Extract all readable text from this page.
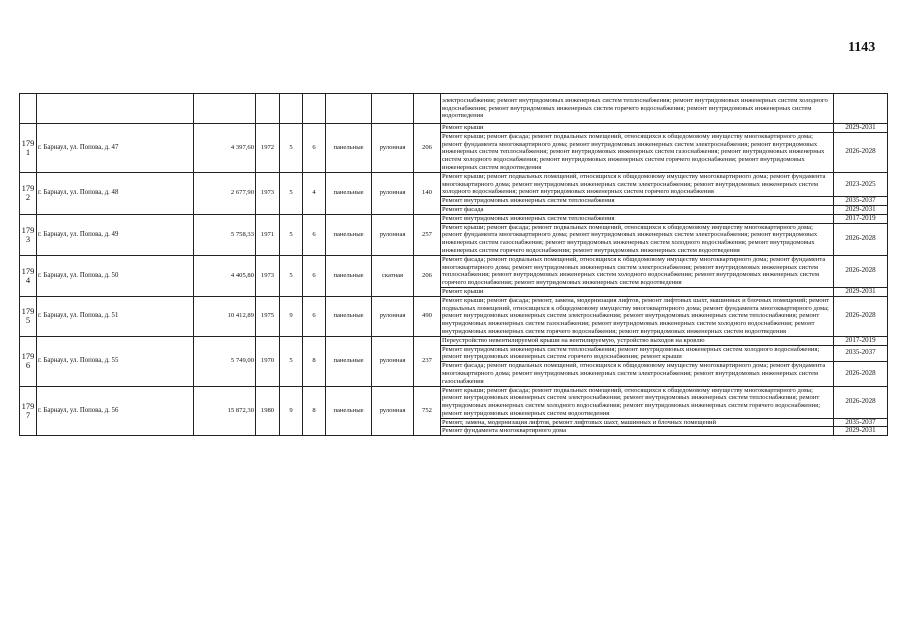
1143
									электроснабжения; ремонт внутридомовых инженерных систем теплоснабжения; ремонт внутридомовых инженерных систем холодного водоснабжения; ремонт внутридомовых инженерных систем горячего водоснабжения; ремонт внутридомовых инженерных систем водоотведения	
179 1	г. Барнаул, ул. Попова, д. 47	4 397,60	1972	5	6	панельные	рулонная	206	Ремонт крыши	2029-2031
									Ремонт крыши; ремонт фасада; ремонт подвальных помещений, относящихся к общедомовому имуществу многоквартирного дома; ремонт фундамента многоквартирного дома; ремонт внутридомовых инженерных систем электроснабжения; ремонт внутридомовых инженерных систем теплоснабжения; ремонт внутридомовых инженерных систем газоснабжения; ремонт внутридомовых инженерных систем холодного водоснабжения; ремонт внутридомовых инженерных систем горячего водоснабжения; ремонт внутридомовых инженерных систем водоотведения	2026-2028
179 2	г. Барнаул, ул. Попова, д. 48	2 677,90	1973	5	4	панельные	рулонная	140	Ремонт крыши; ремонт подвальных помещений, относящихся к общедомовому имуществу многоквартирного дома; ремонт фундамента многоквартирного дома; ремонт внутридомовых инженерных систем электроснабжения; ремонт внутридомовых инженерных систем холодного водоснабжения; ремонт внутридомовых инженерных систем горячего водоснабжения	2023-2025
									Ремонт внутридомовых инженерных систем теплоснабжения	2035-2037
									Ремонт фасада	2029-2031
179 3	г. Барнаул, ул. Попова, д. 49	5 758,33	1971	5	6	панельные	рулонная	257	Ремонт внутридомовых инженерных систем теплоснабжения	2017-2019
									Ремонт крыши; ремонт фасада; ремонт подвальных помещений, относящихся к общедомовому имуществу многоквартирного дома; ремонт фундамента многоквартирного дома; ремонт внутридомовых инженерных систем электроснабжения; ремонт внутридомовых инженерных систем газоснабжения; ремонт внутридомовых инженерных систем холодного водоснабжения; ремонт внутридомовых инженерных систем горячего водоснабжения; ремонт внутридомовых инженерных систем водоотведения	2026-2028
179 4	г. Барнаул, ул. Попова, д. 50	4 405,80	1973	5	6	панельные	скатная	206	Ремонт фасада; ремонт подвальных помещений, относящихся к общедомовому имуществу многоквартирного дома; ремонт фундамента многоквартирного дома; ремонт внутридомовых инженерных систем электроснабжения; ремонт внутридомовых инженерных систем теплоснабжения; ремонт внутридомовых инженерных систем холодного водоснабжения; ремонт внутридомовых инженерных систем горячего водоснабжения; ремонт внутридомовых инженерных систем водоотведения	2026-2028
									Ремонт крыши	2029-2031
179 5	г. Барнаул, ул. Попова, д. 51	10 412,89	1975	9	6	панельные	рулонная	490	Ремонт крыши; ремонт фасада; ремонт, замена, модернизация лифтов, ремонт лифтовых шахт, машинных и блочных помещений; ремонт подвальных помещений, относящихся к общедомовому имуществу многоквартирного дома; ремонт фундамента многоквартирного дома; ремонт внутридомовых инженерных систем электроснабжения; ремонт внутридомовых инженерных систем теплоснабжения; ремонт внутридомовых инженерных систем газоснабжения; ремонт внутридомовых инженерных систем холодного водоснабжения; ремонт внутридомовых инженерных систем горячего водоснабжения; ремонт внутридомовых инженерных систем водоотведения	2026-2028
179 6	г. Барнаул, ул. Попова, д. 55	5 749,00	1970	5	8	панельные	рулонная	237	Переустройство невентилируемой крыши на вентилируемую, устройство выходов на кровлю	2017-2019
									Ремонт внутридомовых инженерных систем теплоснабжения; ремонт внутридомовых инженерных систем холодного водоснабжения; ремонт внутридомовых инженерных систем горячего водоснабжения; ремонт крыши	2035-2037
									Ремонт фасада; ремонт подвальных помещений, относящихся к общедомовому имуществу многоквартирного дома; ремонт фундамента многоквартирного дома; ремонт внутридомовых инженерных систем электроснабжения; ремонт внутридомовых инженерных систем газоснабжения	2026-2028
179 7	г. Барнаул, ул. Попова, д. 56	15 872,30	1980	9	8	панельные	рулонная	752	Ремонт крыши; ремонт фасада; ремонт подвальных помещений, относящихся к общедомовому имуществу многоквартирного дома; ремонт внутридомовых инженерных систем электроснабжения; ремонт внутридомовых инженерных систем теплоснабжения; ремонт внутридомовых инженерных систем холодного водоснабжения; ремонт внутридомовых инженерных систем горячего водоснабжения; ремонт внутридомовых инженерных систем водоотведения	2026-2028
									Ремонт, замена, модернизация лифтов, ремонт лифтовых шахт, машинных и блочных помещений	2035-2037
									Ремонт фундамента многоквартирного дома	2029-2031
